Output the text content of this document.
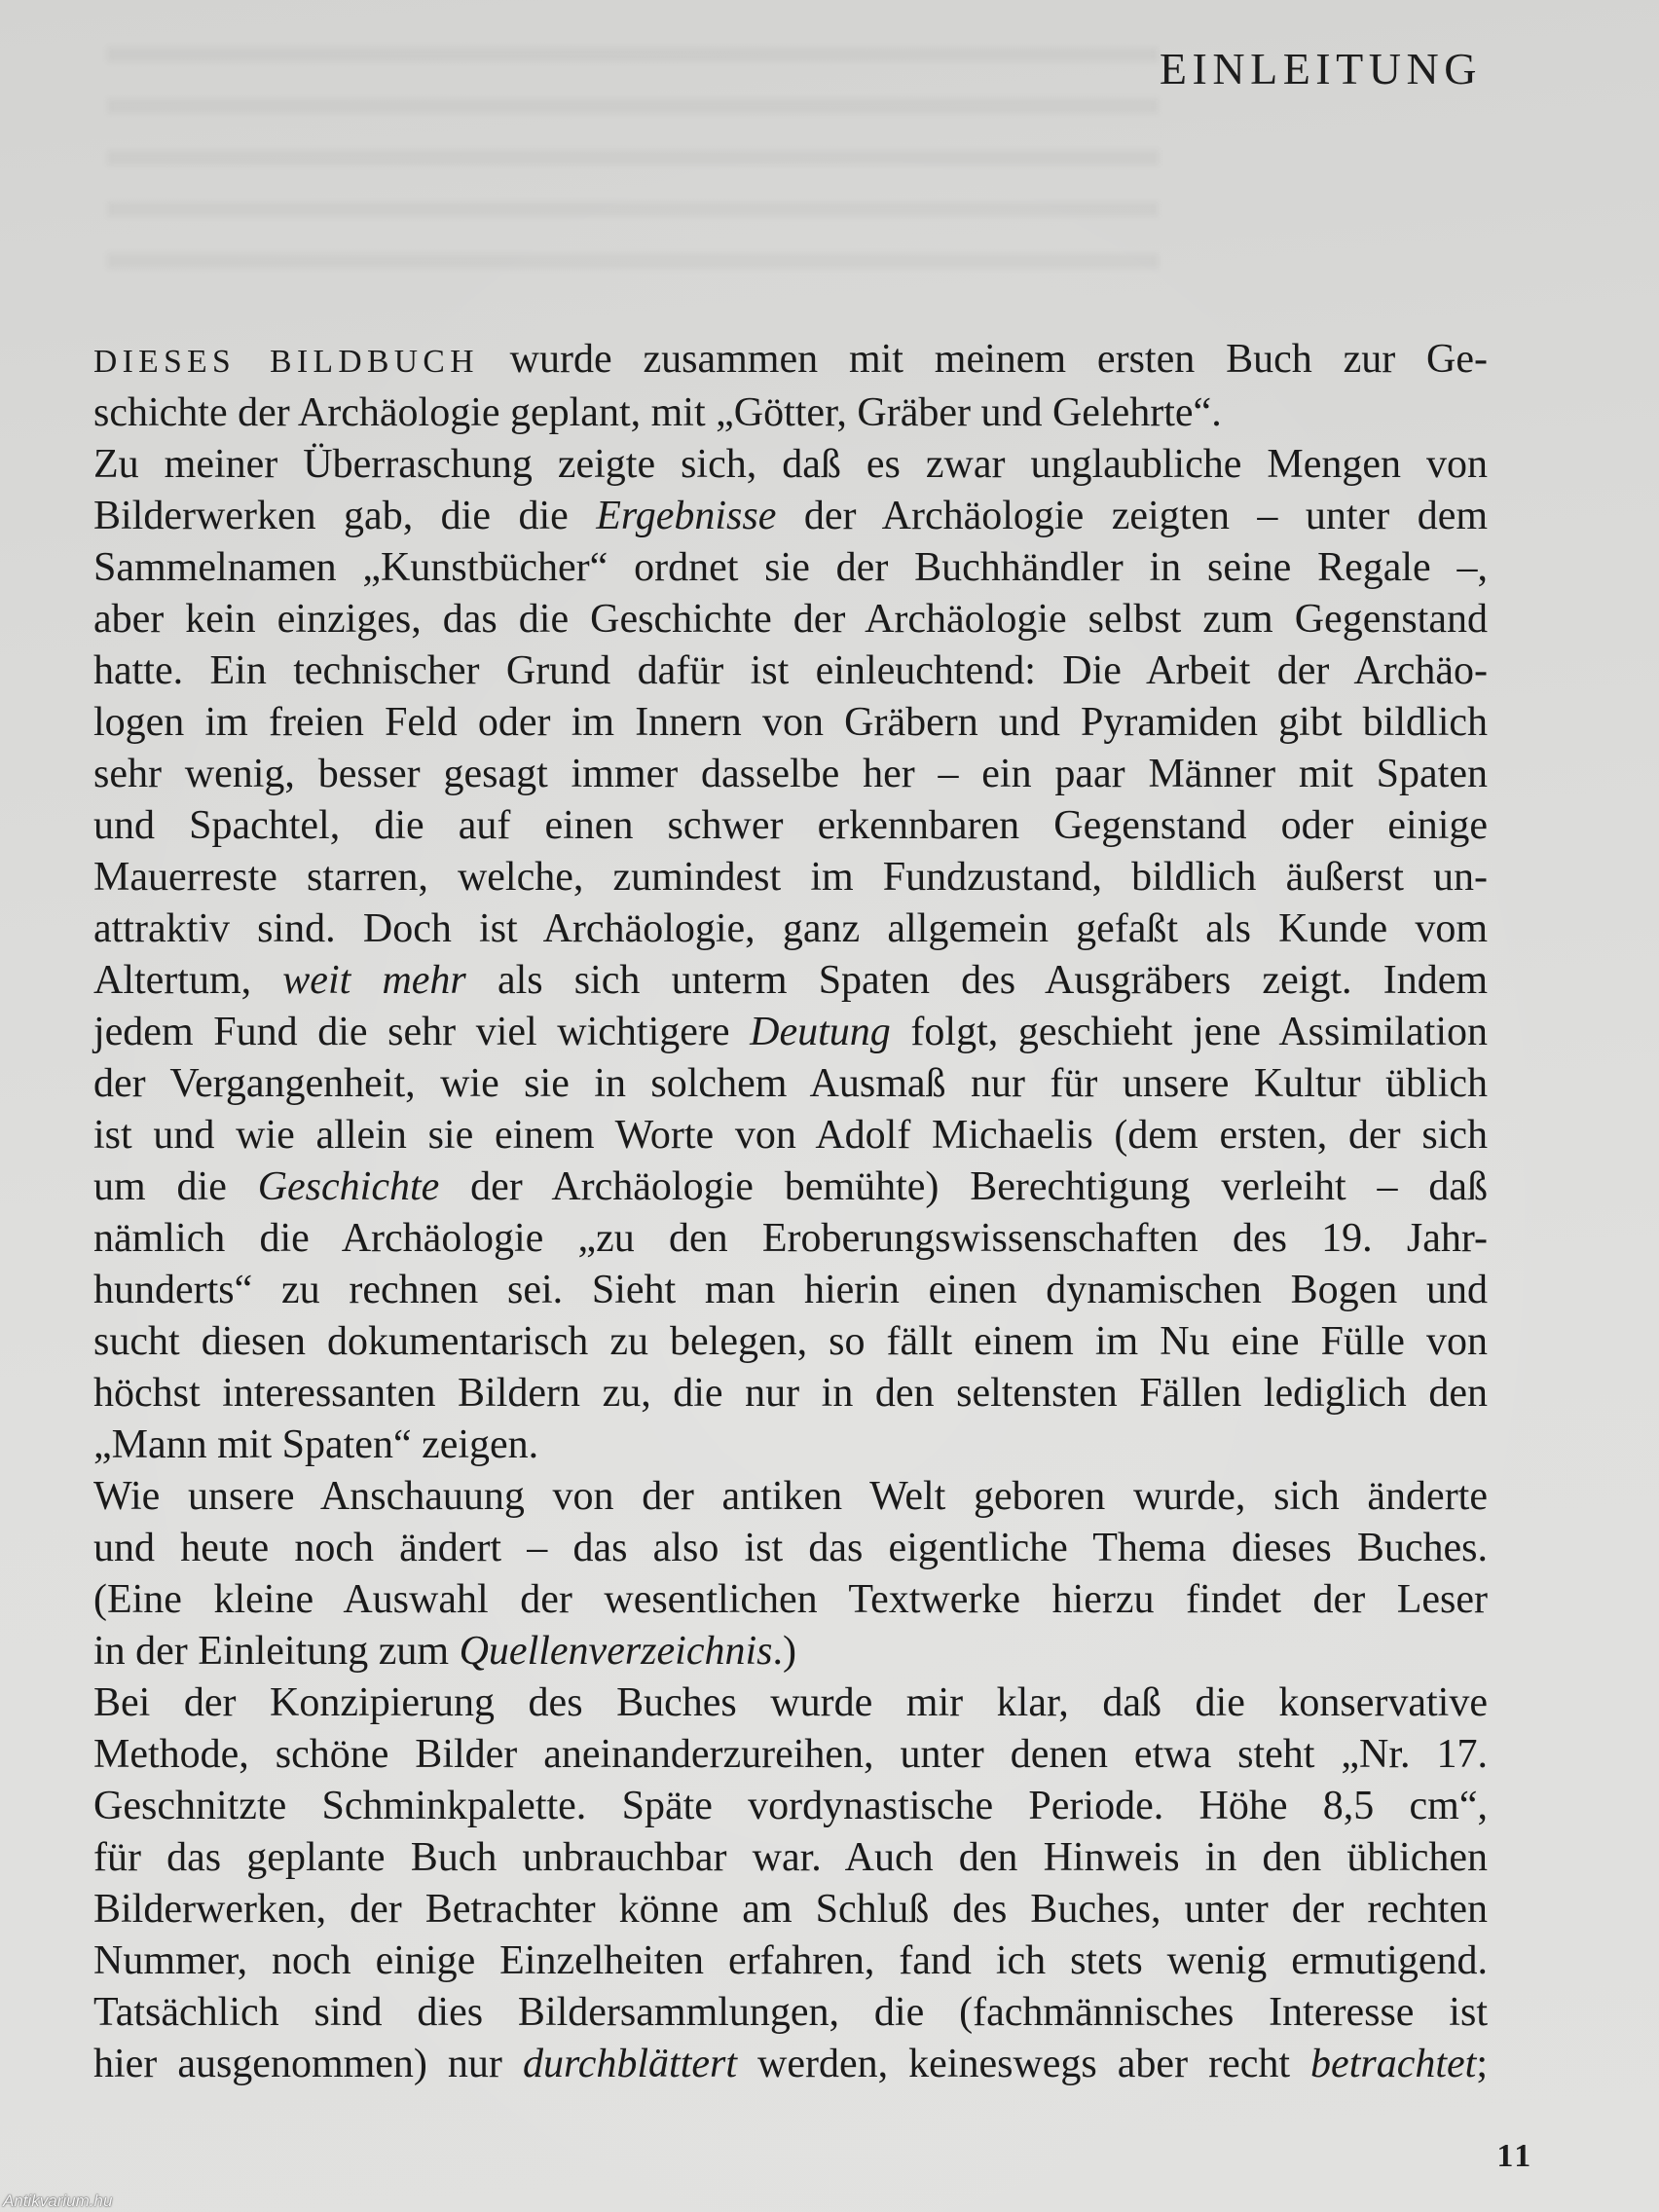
EINLEITUNG
DIESES BILDBUCH wurde zusammen mit meinem ersten Buch zur Ge-
schichte der Archäologie geplant, mit „Götter, Gräber und Gelehrte“.
Zu meiner Überraschung zeigte sich, daß es zwar unglaubliche Mengen von
Bilderwerken gab, die die Ergebnisse der Archäologie zeigten – unter dem
Sammelnamen „Kunstbücher“ ordnet sie der Buchhändler in seine Regale –,
aber kein einziges, das die Geschichte der Archäologie selbst zum Gegenstand
hatte. Ein technischer Grund dafür ist einleuchtend: Die Arbeit der Archäo-
logen im freien Feld oder im Innern von Gräbern und Pyramiden gibt bildlich
sehr wenig, besser gesagt immer dasselbe her – ein paar Männer mit Spaten
und Spachtel, die auf einen schwer erkennbaren Gegenstand oder einige
Mauerreste starren, welche, zumindest im Fundzustand, bildlich äußerst un-
attraktiv sind. Doch ist Archäologie, ganz allgemein gefaßt als Kunde vom
Altertum, weit mehr als sich unterm Spaten des Ausgräbers zeigt. Indem
jedem Fund die sehr viel wichtigere Deutung folgt, geschieht jene Assimilation
der Vergangenheit, wie sie in solchem Ausmaß nur für unsere Kultur üblich
ist und wie allein sie einem Worte von Adolf Michaelis (dem ersten, der sich
um die Geschichte der Archäologie bemühte) Berechtigung verleiht – daß
nämlich die Archäologie „zu den Eroberungswissenschaften des 19. Jahr-
hunderts“ zu rechnen sei. Sieht man hierin einen dynamischen Bogen und
sucht diesen dokumentarisch zu belegen, so fällt einem im Nu eine Fülle von
höchst interessanten Bildern zu, die nur in den seltensten Fällen lediglich den
„Mann mit Spaten“ zeigen.
Wie unsere Anschauung von der antiken Welt geboren wurde, sich änderte
und heute noch ändert – das also ist das eigentliche Thema dieses Buches.
(Eine kleine Auswahl der wesentlichen Textwerke hierzu findet der Leser
in der Einleitung zum Quellenverzeichnis.)
Bei der Konzipierung des Buches wurde mir klar, daß die konservative
Methode, schöne Bilder aneinanderzureihen, unter denen etwa steht „Nr. 17.
Geschnitzte Schminkpalette. Späte vordynastische Periode. Höhe 8,5 cm“,
für das geplante Buch unbrauchbar war. Auch den Hinweis in den üblichen
Bilderwerken, der Betrachter könne am Schluß des Buches, unter der rechten
Nummer, noch einige Einzelheiten erfahren, fand ich stets wenig ermutigend.
Tatsächlich sind dies Bildersammlungen, die (fachmännisches Interesse ist
hier ausgenommen) nur durchblättert werden, keineswegs aber recht betrachtet;
11
Antikvarium.hu
